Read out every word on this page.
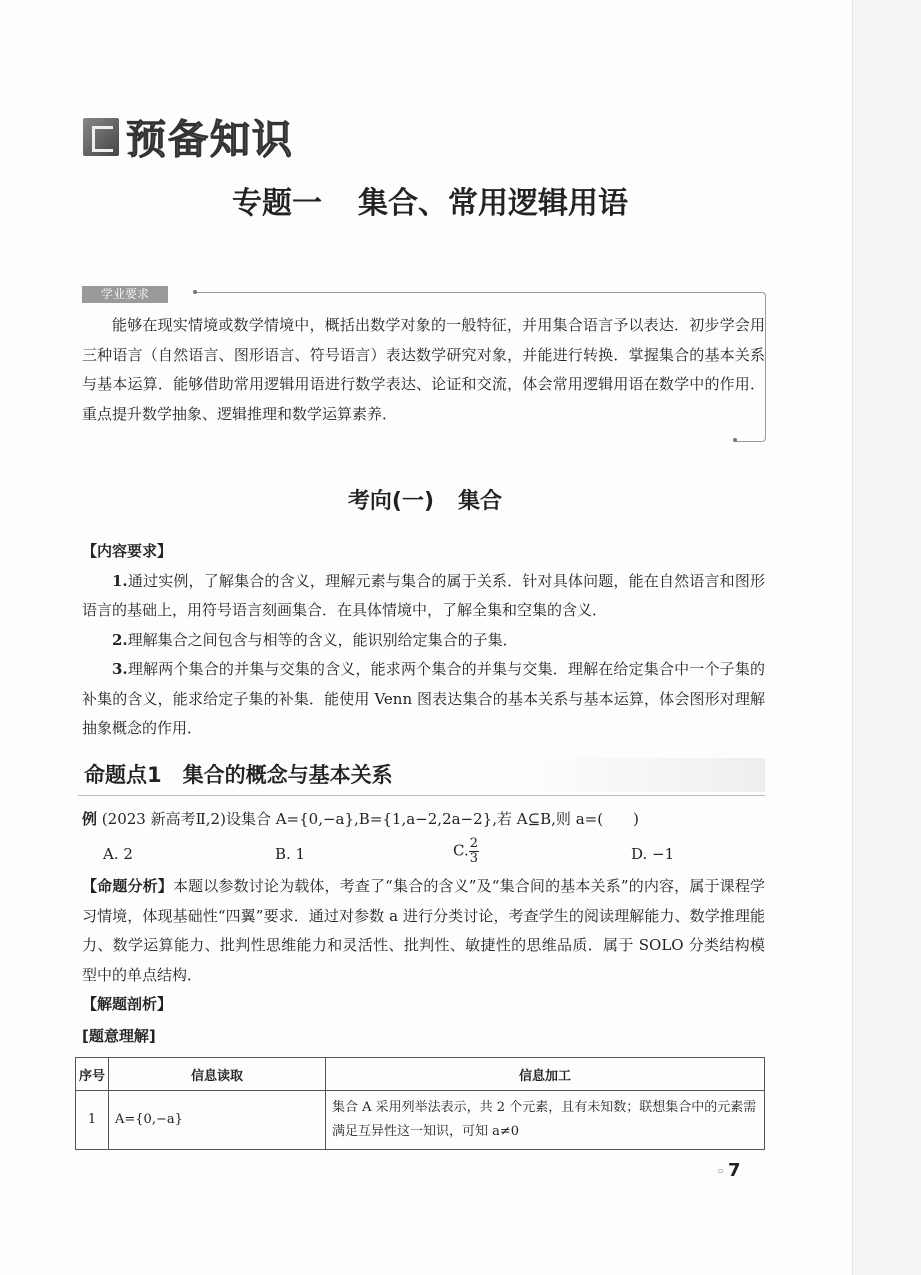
预备知识
专题一 集合、常用逻辑用语
学业要求

能够在现实情境或数学情境中，概括出数学对象的一般特征，并用集合语言予以表达．初步学会用三种语言（自然语言、图形语言、符号语言）表达数学研究对象，并能进行转换．掌握集合的基本关系与基本运算．能够借助常用逻辑用语进行数学表达、论证和交流，体会常用逻辑用语在数学中的作用．重点提升数学抽象、逻辑推理和数学运算素养．

考向(一) 集合

【内容要求】

1.通过实例，了解集合的含义，理解元素与集合的属于关系．针对具体问题，能在自然语言和图形语言的基础上，用符号语言刻画集合．在具体情境中，了解全集和空集的含义．

2.理解集合之间包含与相等的含义，能识别给定集合的子集．

3.理解两个集合的并集与交集的含义，能求两个集合的并集与交集．理解在给定集合中一个子集的补集的含义，能求给定子集的补集．能使用 Venn 图表达集合的基本关系与基本运算，体会图形对理解抽象概念的作用．

命题点1　集合的概念与基本关系

例 (2023 新高考Ⅱ,2)设集合 A={0,−a},B={1,a−2,2a−2},若 A⊆B,则 a=(　　)

A. 2	B. 1	C. $\frac{2}{3}$	D. −1

【命题分析】本题以参数讨论为载体，考查了“集合的含义”及“集合间的基本关系”的内容，属于课程学习情境，体现基础性“四翼”要求．通过对参数 a 进行分类讨论，考查学生的阅读理解能力、数学推理能力、数学运算能力、批判性思维能力和灵活性、批判性、敏捷性的思维品质．属于 SOLO 分类结构模型中的单点结构．

【解题剖析】

[题意理解]

序号	信息读取	信息加工
1	A={0,−a}	集合 A 采用列举法表示，共 2 个元素，且有未知数；联想集合中的元素需满足互异性这一知识，可知 a≠0
▫ 7
